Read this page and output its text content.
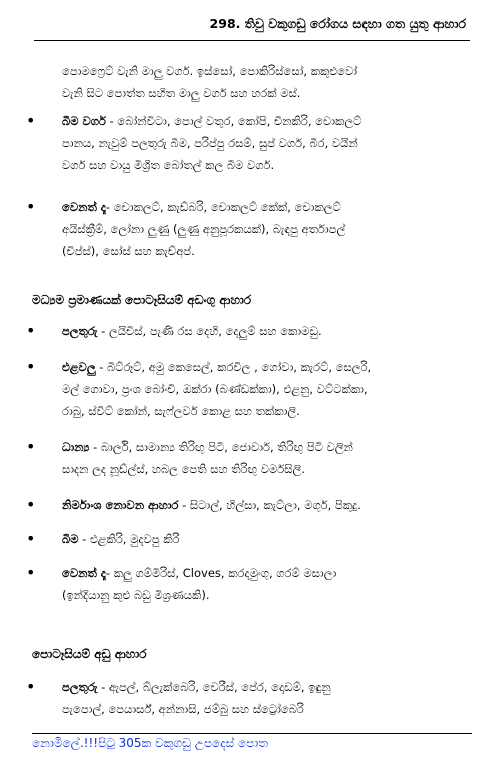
298. තිවු වකුගඩු රෝගය සඳහා ගත යුතු ආහාර
පොමෆ්‍රෙට් වැනි මාලු වර්ග. ඉස්සෝ, පොකිරිස්සෝ, කකුළුවෝ
වැනි සිට පොත්ත සහිත මාලු වර්ග සහ හරක් මස්.
• බීම වර්ග - බෝන්විටා, පොල් වතුර, කෝපි, චීනකිරි, චොකලට්
පානය, නැවුම් පලතුරු බීම, පරිප්පු රසම්, සුප් වර්ග, බීර, වයින්
වර්ග සහ වායු මිශ්‍රිත බෝතල් කල බීම වර්ග.
• වෙනත් දෑ- චොකලට්, කැඩ්බරි, චොකලට් කේක්, චොකලට්
අයිස්ක්‍රීම්, ලෝනා ලුණු (ලුණු අනුපූරකයක්), බැඳපු අර්තාපල්
(චිප්ස්), සෝස් සහ කැච්අප්.
මධ්‍යම ප්‍රමාණයක් පොටෑසියම් අඩංගු ආහාර
• පලතුරු - ලයිචිස්, පැණි රස දෙහි, දෙලුම් සහ කොමඩු.
• එළවලු - බීට්රූට්, අමු කෙසෙල්, කරවිල , ගෝවා, කැරට්, සෙලරි,
මල් ගොවා, ප්‍රංශ බෝංචි, ඔක්රා (බණ්ඩක්කා), එළනු, වට්ටක්කා,
රාබු, ස්වීට් කෝන්, සැෆ්ලවර් කොළ සහ තක්කාලි.
• ධාන්‍ය - බාර්ලි, සාමාන්‍ය තිරිඟු පිටි, ජොවාර්, තිරිඟු පිටි වලින්
සාදන ලද නූඩ්ල්ස්, හබල පෙති සහ තිරිඟු වර්මසිලි.
• නිර්මාංශ නොවන ආහාර - සිටාල්, හිල්සා, කැට්ලා, මගුර්, පිකුදු.
• බීම - එළකිරි, මුදවපු කිරි
• වෙනත් දෑ- කලු ගම්මිරිස්, Cloves, කරදමුංගු, ගරම් මසාලා
(ඉන්දියානු කුළු බඩු මිශ්‍රණයකි).
පොටෑසියම් අඩු ආහාර
• පලතුරු - ඇපල්, බ්ලැක්බෙරි, චෙරීස්, පේර, දොඩම්, ඉඳුනු
පැපොල්, පෙයාර්ස්, අන්නාසි, ජම්බු සහ ස්ට්‍රෝබෙරි
නොමිලේ.!!!පිටු 305ක වකුගඩු උපදෙස් පොත
